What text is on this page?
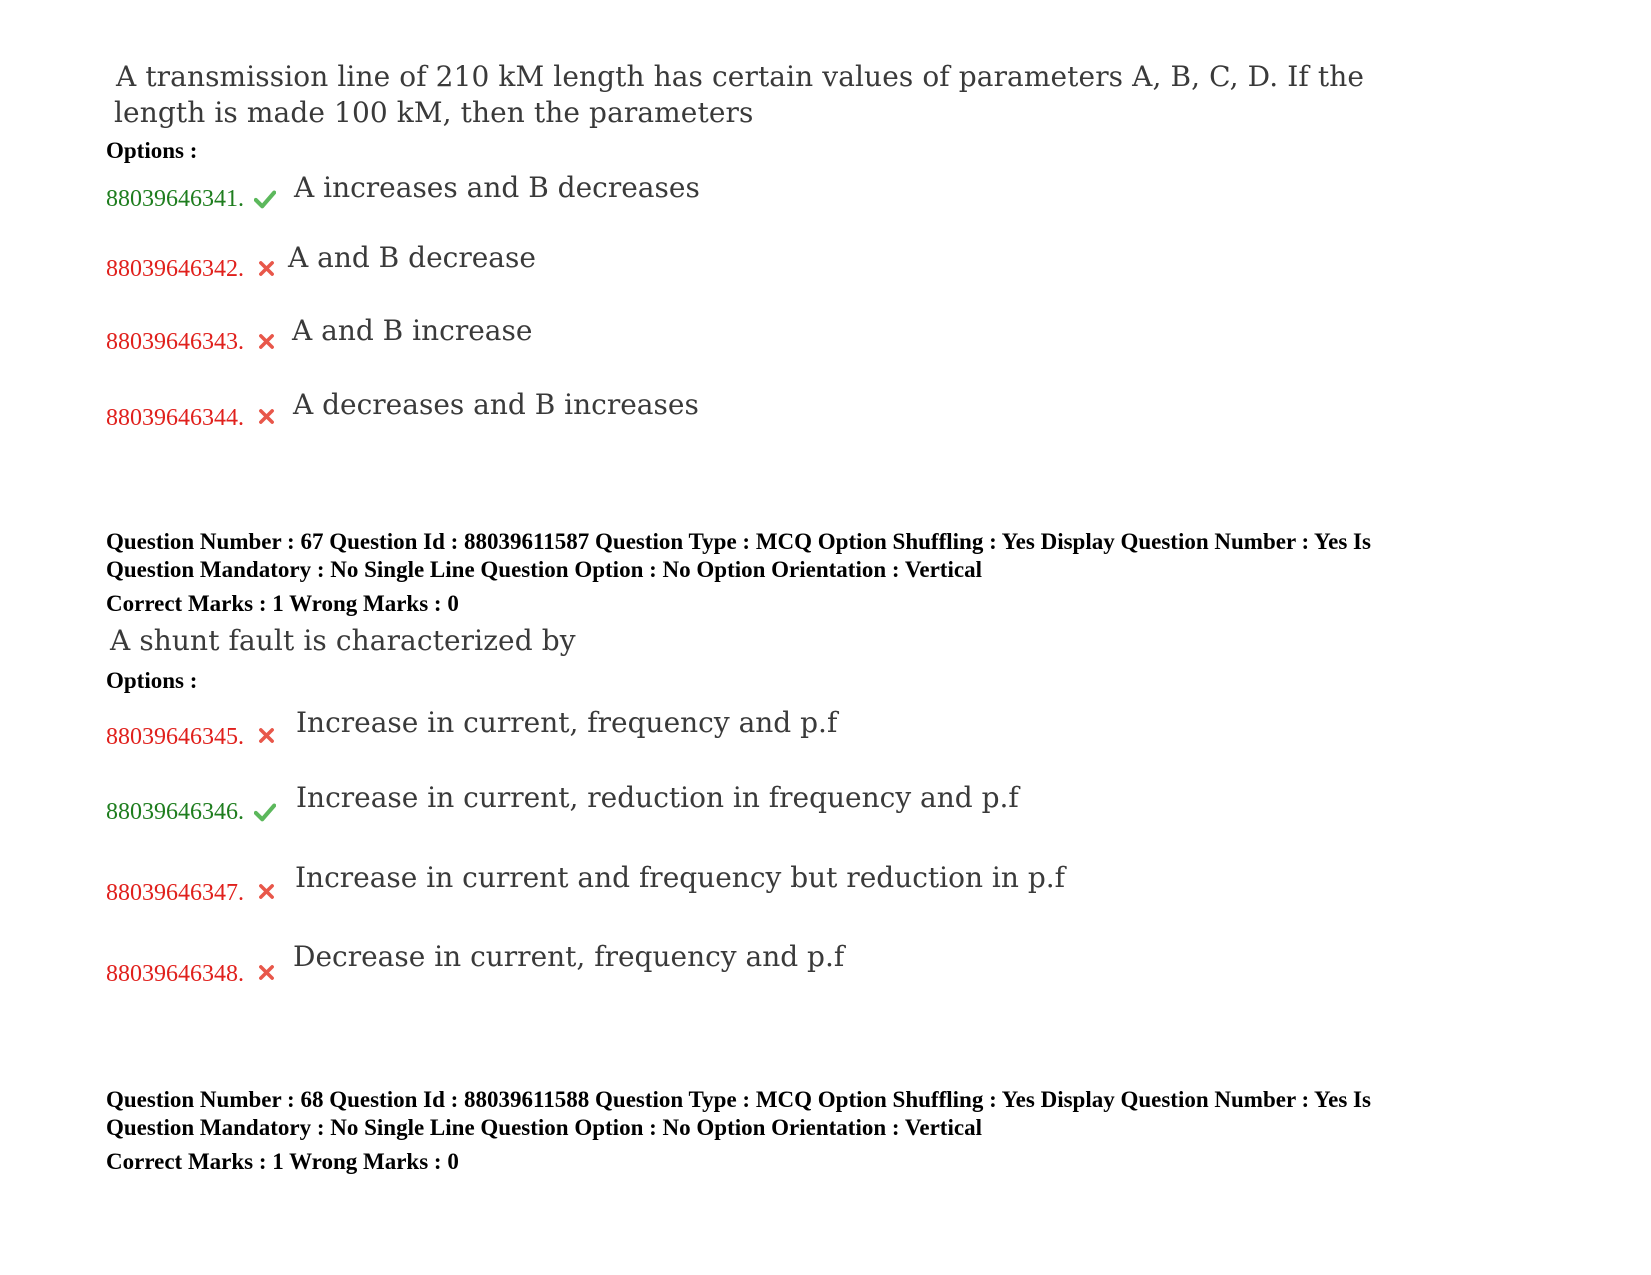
A transmission line of 210 kM length has certain values of parameters A, B, C, D. If the
length is made 100 kM, then the parameters
Options :
88039646341. A increases and B decreases
88039646342. A and B decrease
88039646343. A and B increase
88039646344. A decreases and B increases
Question Number : 67 Question Id : 88039611587 Question Type : MCQ Option Shuffling : Yes Display Question Number : Yes Is
Question Mandatory : No Single Line Question Option : No Option Orientation : Vertical
Correct Marks : 1 Wrong Marks : 0
A shunt fault is characterized by
Options :
88039646345. Increase in current, frequency and p.f
88039646346. Increase in current, reduction in frequency and p.f
88039646347. Increase in current and frequency but reduction in p.f
88039646348.
Decrease in current, frequency and p.f
Question Number : 68 Question Id : 88039611588 Question Type : MCQ Option Shuffling : Yes Display Question Number : Yes Is
Question Mandatory : No Single Line Question Option : No Option Orientation : Vertical
Correct Marks : 1 Wrong Marks : 0
